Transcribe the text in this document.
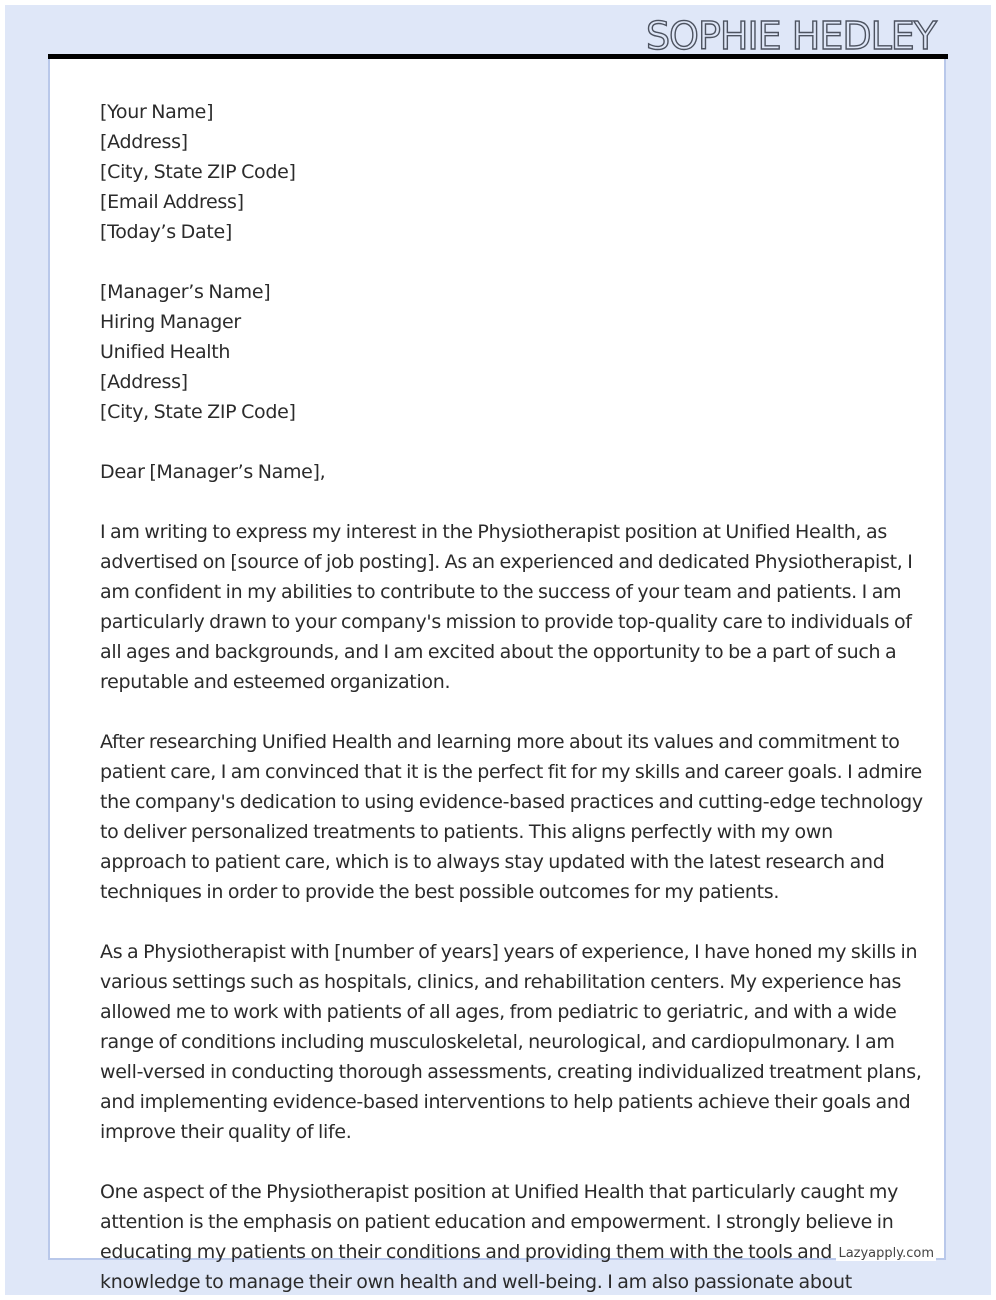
SOPHIE HEDLEY
[Your Name]
[Address]
[City, State ZIP Code]
[Email Address]
[Today’s Date]
[Manager’s Name]
Hiring Manager
Unified Health
[Address]
[City, State ZIP Code]
Dear [Manager’s Name],
I am writing to express my interest in the Physiotherapist position at Unified Health, as
advertised on [source of job posting]. As an experienced and dedicated Physiotherapist, I
am confident in my abilities to contribute to the success of your team and patients. I am
particularly drawn to your company's mission to provide top-quality care to individuals of
all ages and backgrounds, and I am excited about the opportunity to be a part of such a
reputable and esteemed organization.
After researching Unified Health and learning more about its values and commitment to
patient care, I am convinced that it is the perfect fit for my skills and career goals. I admire
the company's dedication to using evidence-based practices and cutting-edge technology
to deliver personalized treatments to patients. This aligns perfectly with my own
approach to patient care, which is to always stay updated with the latest research and
techniques in order to provide the best possible outcomes for my patients.
As a Physiotherapist with [number of years] years of experience, I have honed my skills in
various settings such as hospitals, clinics, and rehabilitation centers. My experience has
allowed me to work with patients of all ages, from pediatric to geriatric, and with a wide
range of conditions including musculoskeletal, neurological, and cardiopulmonary. I am
well-versed in conducting thorough assessments, creating individualized treatment plans,
and implementing evidence-based interventions to help patients achieve their goals and
improve their quality of life.
One aspect of the Physiotherapist position at Unified Health that particularly caught my
attention is the emphasis on patient education and empowerment. I strongly believe in
educating my patients on their conditions and providing them with the tools and
knowledge to manage their own health and well-being. I am also passionate about
Lazyapply.com
